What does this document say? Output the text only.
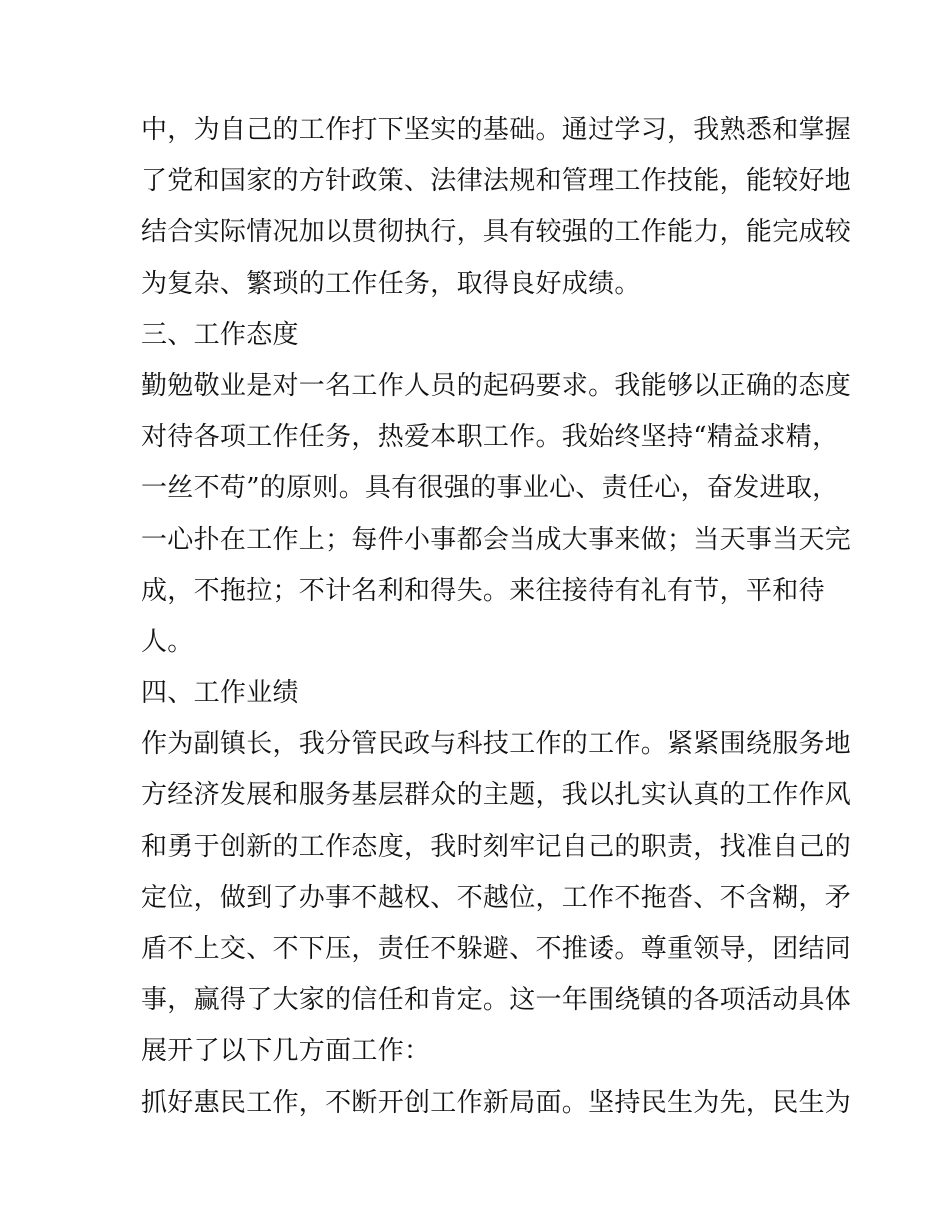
中，为自己的工作打下坚实的基础。通过学习，我熟悉和掌握
了党和国家的方针政策、法律法规和管理工作技能，能较好地
结合实际情况加以贯彻执行，具有较强的工作能力，能完成较
为复杂、繁琐的工作任务，取得良好成绩。
三、工作态度
勤勉敬业是对一名工作人员的起码要求。我能够以正确的态度
对待各项工作任务，热爱本职工作。我始终坚持“精益求精，
一丝不苟”的原则。具有很强的事业心、责任心，奋发进取，
一心扑在工作上；每件小事都会当成大事来做；当天事当天完
成，不拖拉；不计名利和得失。来往接待有礼有节，平和待
人。
四、工作业绩
作为副镇长，我分管民政与科技工作的工作。紧紧围绕服务地
方经济发展和服务基层群众的主题，我以扎实认真的工作作风
和勇于创新的工作态度，我时刻牢记自己的职责，找准自己的
定位，做到了办事不越权、不越位，工作不拖沓、不含糊，矛
盾不上交、不下压，责任不躲避、不推诿。尊重领导，团结同
事，赢得了大家的信任和肯定。这一年围绕镇的各项活动具体
展开了以下几方面工作：
抓好惠民工作，不断开创工作新局面。坚持民生为先，民生为
